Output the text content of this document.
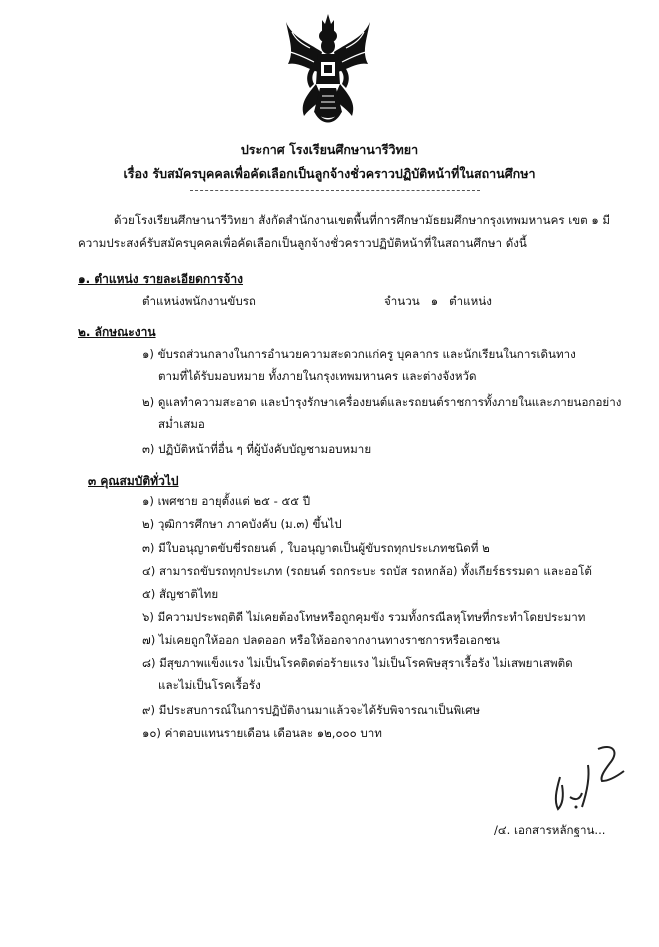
ประกาศ โรงเรียนศึกษานารีวิทยา
เรื่อง รับสมัครบุคคลเพื่อคัดเลือกเป็นลูกจ้างชั่วคราวปฏิบัติหน้าที่ในสถานศึกษา
ด้วยโรงเรียนศึกษานารีวิทยา สังกัดสำนักงานเขตพื้นที่การศึกษามัธยมศึกษากรุงเทพมหานคร เขต ๑ มี
ความประสงค์รับสมัครบุคคลเพื่อคัดเลือกเป็นลูกจ้างชั่วคราวปฏิบัติหน้าที่ในสถานศึกษา ดังนี้
๑. ตำแหน่ง รายละเอียดการจ้าง
ตำแหน่งพนักงานขับรถ	จำนวน   ๑   ตำแหน่ง
๒. ลักษณะงาน
๑) ขับรถส่วนกลางในการอำนวยความสะดวกแก่ครู บุคลากร และนักเรียนในการเดินทาง
ตามที่ได้รับมอบหมาย ทั้งภายในกรุงเทพมหานคร และต่างจังหวัด
๒) ดูแลทำความสะอาด และบำรุงรักษาเครื่องยนต์และรถยนต์ราชการทั้งภายในและภายนอกอย่าง
สม่ำเสมอ
๓) ปฏิบัติหน้าที่อื่น ๆ ที่ผู้บังคับบัญชามอบหมาย
๓ คุณสมบัติทั่วไป
๑) เพศชาย อายุตั้งแต่ ๒๕ - ๕๕ ปี
๒) วุฒิการศึกษา ภาคบังคับ (ม.๓) ขึ้นไป
๓) มีใบอนุญาตขับขี่รถยนต์ , ใบอนุญาตเป็นผู้ขับรถทุกประเภทชนิดที่ ๒
๔) สามารถขับรถทุกประเภท (รถยนต์ รถกระบะ รถบัส รถหกล้อ) ทั้งเกียร์ธรรมดา และออโต้
๕) สัญชาติไทย
๖) มีความประพฤติดี ไม่เคยต้องโทษหรือถูกคุมขัง รวมทั้งกรณีลหุโทษที่กระทำโดยประมาท
๗) ไม่เคยถูกให้ออก ปลดออก หรือให้ออกจากงานทางราชการหรือเอกชน
๘) มีสุขภาพแข็งแรง ไม่เป็นโรคติดต่อร้ายแรง ไม่เป็นโรคพิษสุราเรื้อรัง ไม่เสพยาเสพติด
และไม่เป็นโรคเรื้อรัง
๙) มีประสบการณ์ในการปฏิบัติงานมาแล้วจะได้รับพิจารณาเป็นพิเศษ
๑๐) ค่าตอบแทนรายเดือน เดือนละ ๑๒,๐๐๐ บาท
/๔. เอกสารหลักฐาน...
